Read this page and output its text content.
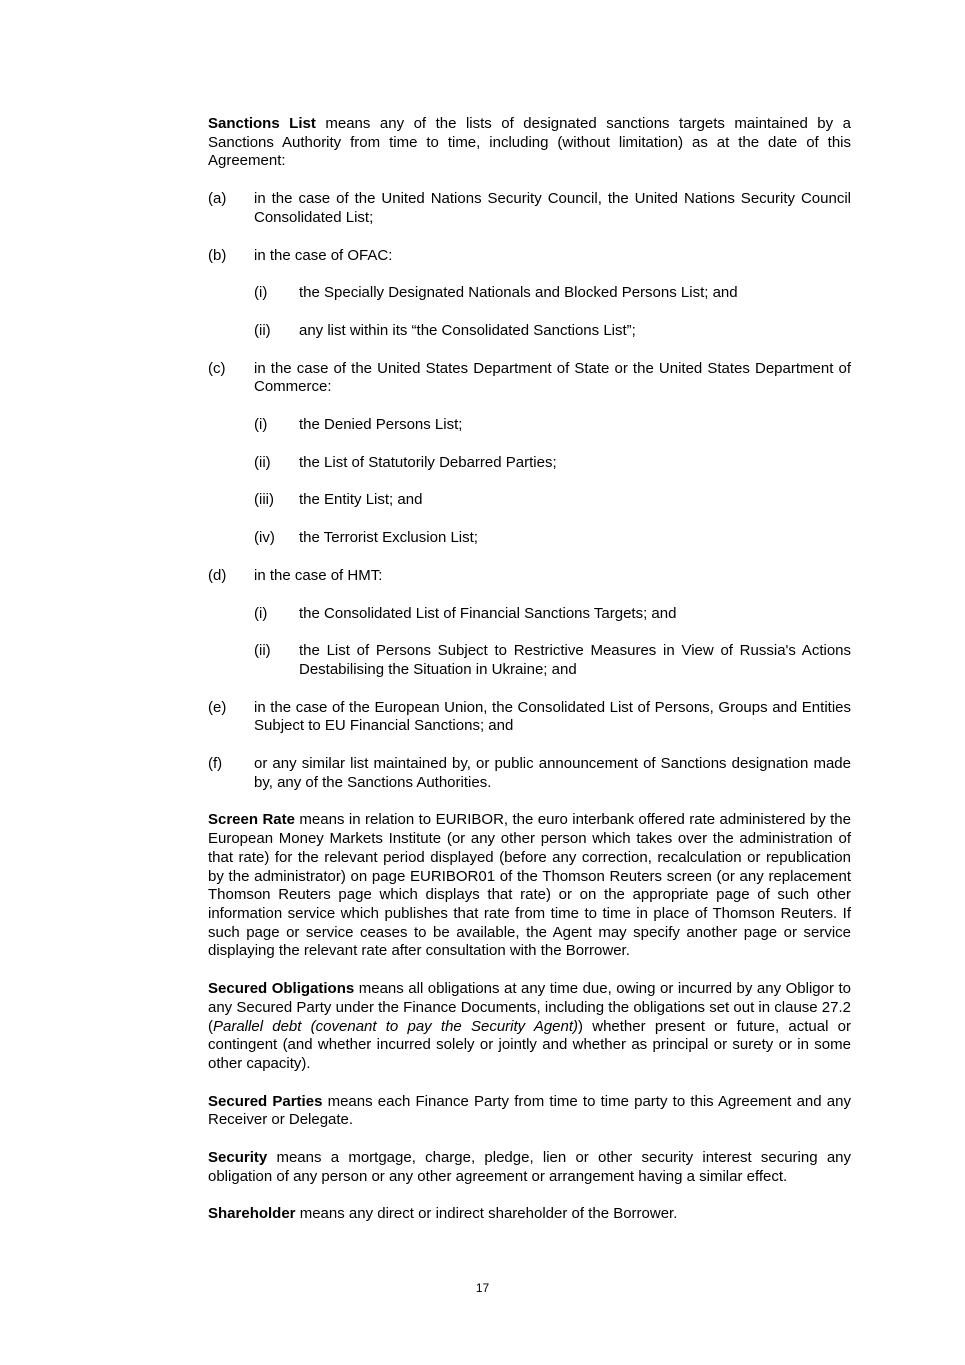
Sanctions List means any of the lists of designated sanctions targets maintained by a Sanctions Authority from time to time, including (without limitation) as at the date of this Agreement:

(a) in the case of the United Nations Security Council, the United Nations Security Council Consolidated List;
(b) in the case of OFAC:
(i) the Specially Designated Nationals and Blocked Persons List; and
(ii) any list within its “the Consolidated Sanctions List”;
(c) in the case of the United States Department of State or the United States Department of Commerce:
(i) the Denied Persons List;
(ii) the List of Statutorily Debarred Parties;
(iii) the Entity List; and
(iv) the Terrorist Exclusion List;
(d) in the case of HMT:
(i) the Consolidated List of Financial Sanctions Targets; and
(ii) the List of Persons Subject to Restrictive Measures in View of Russia's Actions Destabilising the Situation in Ukraine; and
(e) in the case of the European Union, the Consolidated List of Persons, Groups and Entities Subject to EU Financial Sanctions; and
(f) or any similar list maintained by, or public announcement of Sanctions designation made by, any of the Sanctions Authorities.

Screen Rate means in relation to EURIBOR, the euro interbank offered rate administered by the European Money Markets Institute (or any other person which takes over the administration of that rate) for the relevant period displayed (before any correction, recalculation or republication by the administrator) on page EURIBOR01 of the Thomson Reuters screen (or any replacement Thomson Reuters page which displays that rate) or on the appropriate page of such other information service which publishes that rate from time to time in place of Thomson Reuters. If such page or service ceases to be available, the Agent may specify another page or service displaying the relevant rate after consultation with the Borrower.

Secured Obligations means all obligations at any time due, owing or incurred by any Obligor to any Secured Party under the Finance Documents, including the obligations set out in clause 27.2 (Parallel debt (covenant to pay the Security Agent)) whether present or future, actual or contingent (and whether incurred solely or jointly and whether as principal or surety or in some other capacity).

Secured Parties means each Finance Party from time to time party to this Agreement and any Receiver or Delegate.

Security means a mortgage, charge, pledge, lien or other security interest securing any obligation of any person or any other agreement or arrangement having a similar effect.

Shareholder means any direct or indirect shareholder of the Borrower.

17
